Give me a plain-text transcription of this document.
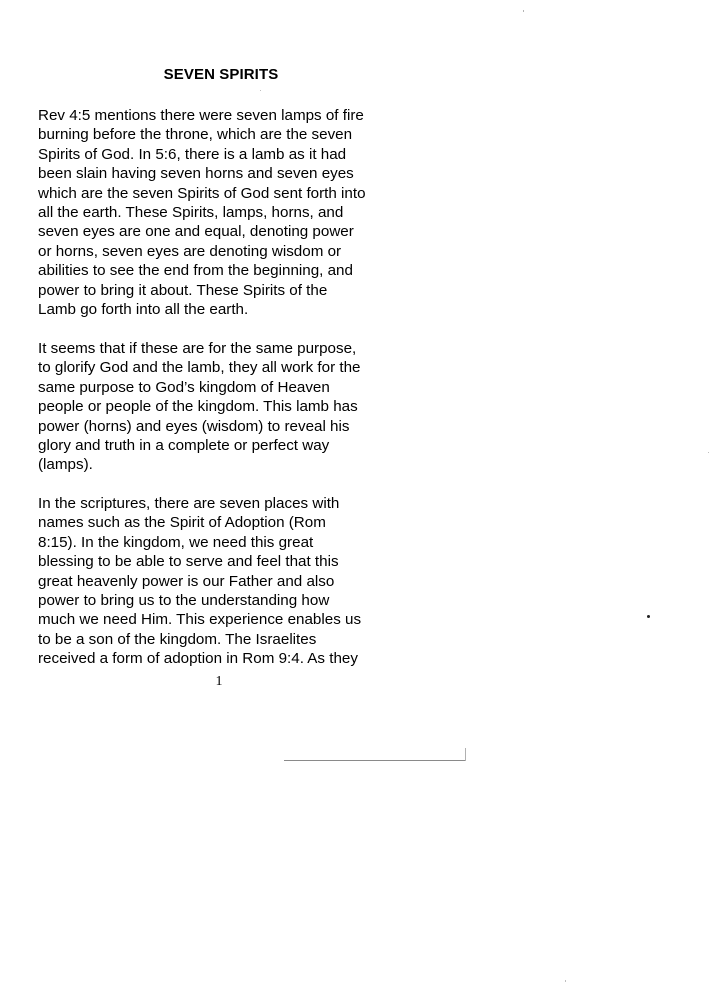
SEVEN SPIRITS

Rev 4:5 mentions there were seven lamps of fire
burning before the throne, which are the seven
Spirits of God. In 5:6, there is a lamb as it had
been slain having seven horns and seven eyes
which are the seven Spirits of God sent forth into
all the earth. These Spirits, lamps, horns, and
seven eyes are one and equal, denoting power
or horns, seven eyes are denoting wisdom or
abilities to see the end from the beginning, and
power to bring it about. These Spirits of the
Lamb go forth into all the earth.

It seems that if these are for the same purpose,
to glorify God and the lamb, they all work for the
same purpose to God’s kingdom of Heaven
people or people of the kingdom. This lamb has
power (horns) and eyes (wisdom) to reveal his
glory and truth in a complete or perfect way
(lamps).

In the scriptures, there are seven places with
names such as the Spirit of Adoption (Rom
8:15). In the kingdom, we need this great
blessing to be able to serve and feel that this
great heavenly power is our Father and also
power to bring us to the understanding how
much we need Him. This experience enables us
to be a son of the kingdom. The Israelites
received a form of adoption in Rom 9:4. As they

1
